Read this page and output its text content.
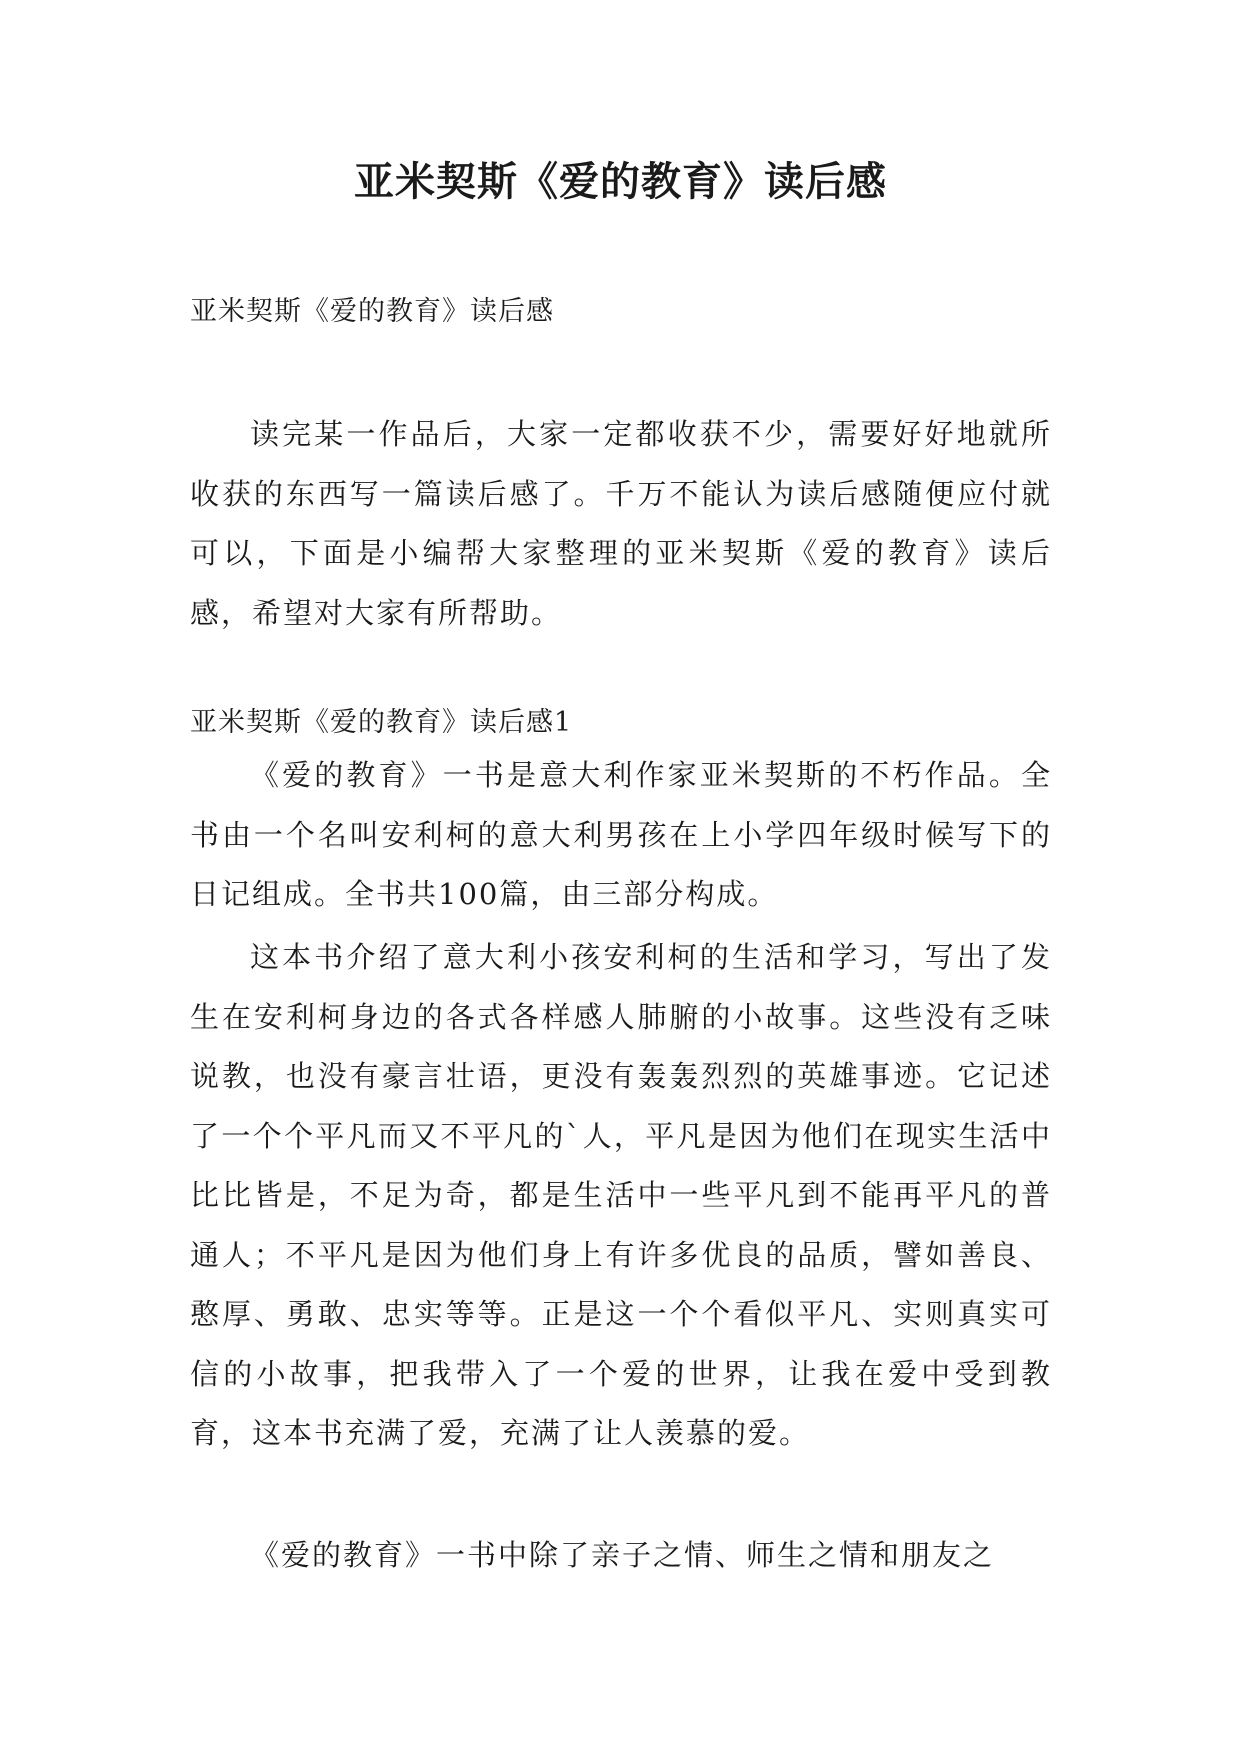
亚米契斯《爱的教育》读后感

亚米契斯《爱的教育》读后感

读完某一作品后，大家一定都收获不少，需要好好地就所收获的东西写一篇读后感了。千万不能认为读后感随便应付就可以，下面是小编帮大家整理的亚米契斯《爱的教育》读后感，希望对大家有所帮助。

亚米契斯《爱的教育》读后感1

《爱的教育》一书是意大利作家亚米契斯的不朽作品。全书由一个名叫安利柯的意大利男孩在上小学四年级时候写下的日记组成。全书共100篇，由三部分构成。

这本书介绍了意大利小孩安利柯的生活和学习，写出了发生在安利柯身边的各式各样感人肺腑的小故事。这些没有乏味说教，也没有豪言壮语，更没有轰轰烈烈的英雄事迹。它记述了一个个平凡而又不平凡的`人，平凡是因为他们在现实生活中比比皆是，不足为奇，都是生活中一些平凡到不能再平凡的普通人；不平凡是因为他们身上有许多优良的品质，譬如善良、憨厚、勇敢、忠实等等。正是这一个个看似平凡、实则真实可信的小故事，把我带入了一个爱的世界，让我在爱中受到教育，这本书充满了爱，充满了让人羡慕的爱。

《爱的教育》一书中除了亲子之情、师生之情和朋友之
